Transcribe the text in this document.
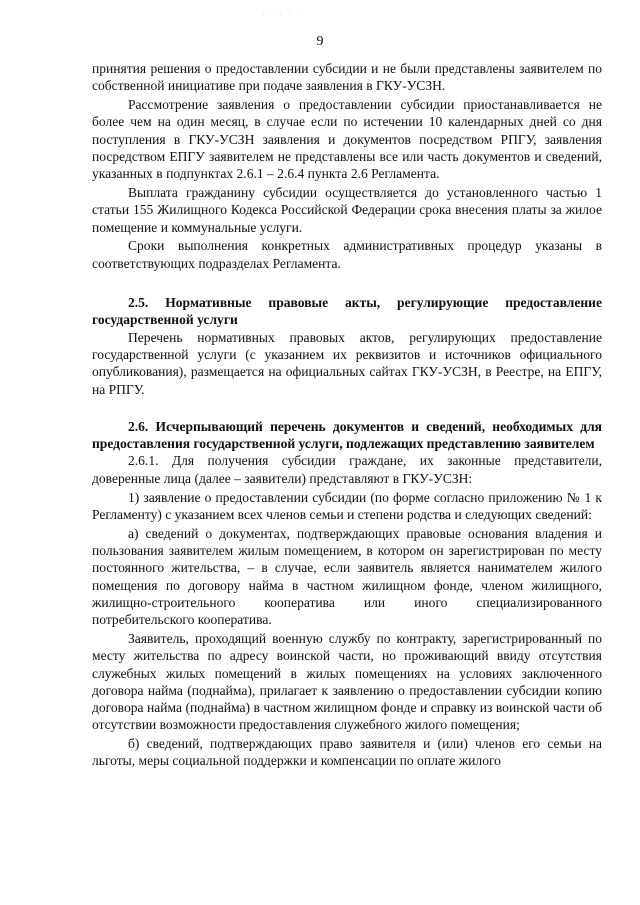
· · · · ·
9

принятия решения о предоставлении субсидии и не были представлены заявителем по собственной инициативе при подаче заявления в ГКУ-УСЗН.

Рассмотрение заявления о предоставлении субсидии приостанавливается не более чем на один месяц, в случае если по истечении 10 календарных дней со дня поступления в ГКУ-УСЗН заявления и документов посредством РПГУ, заявления посредством ЕПГУ заявителем не представлены все или часть документов и сведений, указанных в подпунктах 2.6.1 – 2.6.4 пункта 2.6 Регламента.

Выплата гражданину субсидии осуществляется до установленного частью 1 статьи 155 Жилищного Кодекса Российской Федерации срока внесения платы за жилое помещение и коммунальные услуги.

Сроки выполнения конкретных административных процедур указаны в соответствующих подразделах Регламента.

2.5. Нормативные правовые акты, регулирующие предоставление государственной услуги

Перечень нормативных правовых актов, регулирующих предоставление государственной услуги (с указанием их реквизитов и источников официального опубликования), размещается на официальных сайтах ГКУ-УСЗН, в Реестре, на ЕПГУ, на РПГУ.

2.6. Исчерпывающий перечень документов и сведений, необходимых для предоставления государственной услуги, подлежащих представлению заявителем

2.6.1. Для получения субсидии граждане, их законные представители, доверенные лица (далее – заявители) представляют в ГКУ-УСЗН:

1) заявление о предоставлении субсидии (по форме согласно приложению № 1 к Регламенту) с указанием всех членов семьи и степени родства и следующих сведений:

а) сведений о документах, подтверждающих правовые основания владения и пользования заявителем жилым помещением, в котором он зарегистрирован по месту постоянного жительства, – в случае, если заявитель является нанимателем жилого помещения по договору найма в частном жилищном фонде, членом жилищного, жилищно-строительного кооператива или иного специализированного потребительского кооператива.

Заявитель, проходящий военную службу по контракту, зарегистрированный по месту жительства по адресу воинской части, но проживающий ввиду отсутствия служебных жилых помещений в жилых помещениях на условиях заключенного договора найма (поднайма), прилагает к заявлению о предоставлении субсидии копию договора найма (поднайма) в частном жилищном фонде и справку из воинской части об отсутствии возможности предоставления служебного жилого помещения;

б) сведений, подтверждающих право заявителя и (или) членов его семьи на льготы, меры социальной поддержки и компенсации по оплате жилого
